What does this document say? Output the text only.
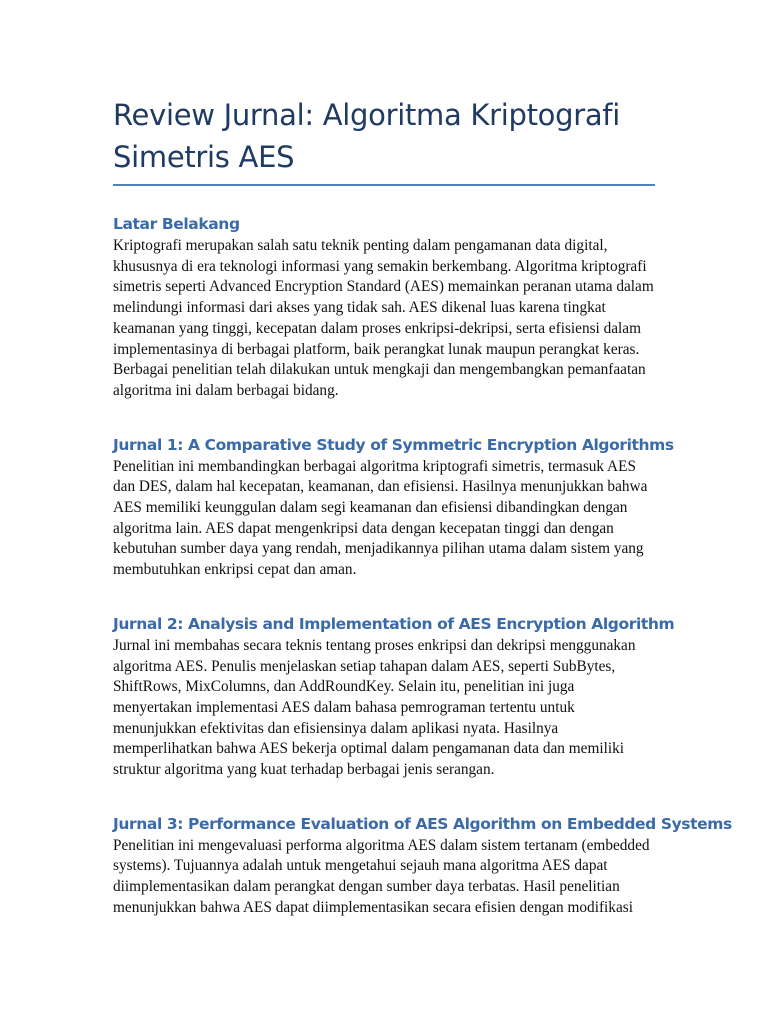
Review Jurnal: Algoritma Kriptografi Simetris AES
Latar Belakang

Kriptografi merupakan salah satu teknik penting dalam pengamanan data digital, khususnya di era teknologi informasi yang semakin berkembang. Algoritma kriptografi simetris seperti Advanced Encryption Standard (AES) memainkan peranan utama dalam melindungi informasi dari akses yang tidak sah. AES dikenal luas karena tingkat keamanan yang tinggi, kecepatan dalam proses enkripsi-dekripsi, serta efisiensi dalam implementasinya di berbagai platform, baik perangkat lunak maupun perangkat keras. Berbagai penelitian telah dilakukan untuk mengkaji dan mengembangkan pemanfaatan algoritma ini dalam berbagai bidang.

Jurnal 1: A Comparative Study of Symmetric Encryption Algorithms

Penelitian ini membandingkan berbagai algoritma kriptografi simetris, termasuk AES dan DES, dalam hal kecepatan, keamanan, dan efisiensi. Hasilnya menunjukkan bahwa AES memiliki keunggulan dalam segi keamanan dan efisiensi dibandingkan dengan algoritma lain. AES dapat mengenkripsi data dengan kecepatan tinggi dan dengan kebutuhan sumber daya yang rendah, menjadikannya pilihan utama dalam sistem yang membutuhkan enkripsi cepat dan aman.

Jurnal 2: Analysis and Implementation of AES Encryption Algorithm

Jurnal ini membahas secara teknis tentang proses enkripsi dan dekripsi menggunakan algoritma AES. Penulis menjelaskan setiap tahapan dalam AES, seperti SubBytes, ShiftRows, MixColumns, dan AddRoundKey. Selain itu, penelitian ini juga menyertakan implementasi AES dalam bahasa pemrograman tertentu untuk menunjukkan efektivitas dan efisiensinya dalam aplikasi nyata. Hasilnya memperlihatkan bahwa AES bekerja optimal dalam pengamanan data dan memiliki struktur algoritma yang kuat terhadap berbagai jenis serangan.

Jurnal 3: Performance Evaluation of AES Algorithm on Embedded Systems

Penelitian ini mengevaluasi performa algoritma AES dalam sistem tertanam (embedded systems). Tujuannya adalah untuk mengetahui sejauh mana algoritma AES dapat diimplementasikan dalam perangkat dengan sumber daya terbatas. Hasil penelitian menunjukkan bahwa AES dapat diimplementasikan secara efisien dengan modifikasi
